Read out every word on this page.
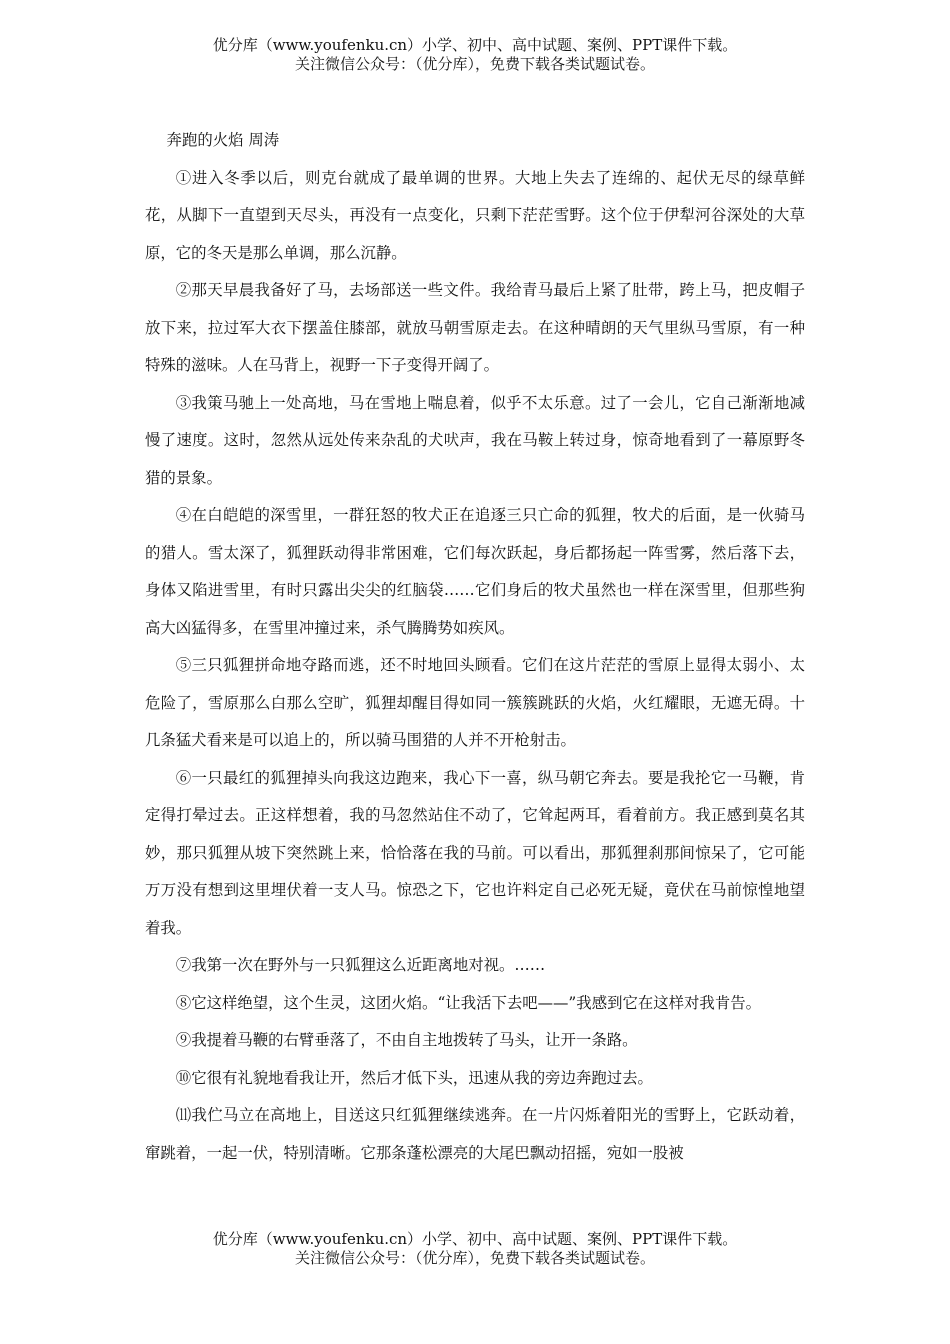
优分库（www.youfenku.cn）小学、初中、高中试题、案例、PPT课件下载。
关注微信公众号：（优分库），免费下载各类试题试卷。

奔跑的火焰 周涛

①进入冬季以后，则克台就成了最单调的世界。大地上失去了连绵的、起伏无尽的绿草鲜花，从脚下一直望到天尽头，再没有一点变化，只剩下茫茫雪野。这个位于伊犁河谷深处的大草原，它的冬天是那么单调，那么沉静。

②那天早晨我备好了马，去场部送一些文件。我给青马最后上紧了肚带，跨上马，把皮帽子放下来，拉过军大衣下摆盖住膝部，就放马朝雪原走去。在这种晴朗的天气里纵马雪原，有一种特殊的滋味。人在马背上，视野一下子变得开阔了。

③我策马驰上一处高地，马在雪地上喘息着，似乎不太乐意。过了一会儿，它自己渐渐地减慢了速度。这时，忽然从远处传来杂乱的犬吠声，我在马鞍上转过身，惊奇地看到了一幕原野冬猎的景象。

④在白皑皑的深雪里，一群狂怒的牧犬正在追逐三只亡命的狐狸，牧犬的后面，是一伙骑马的猎人。雪太深了，狐狸跃动得非常困难，它们每次跃起，身后都扬起一阵雪雾，然后落下去，身体又陷进雪里，有时只露出尖尖的红脑袋……它们身后的牧犬虽然也一样在深雪里，但那些狗高大凶猛得多，在雪里冲撞过来，杀气腾腾势如疾风。

⑤三只狐狸拼命地夺路而逃，还不时地回头顾看。它们在这片茫茫的雪原上显得太弱小、太危险了，雪原那么白那么空旷，狐狸却醒目得如同一簇簇跳跃的火焰，火红耀眼，无遮无碍。十几条猛犬看来是可以追上的，所以骑马围猎的人并不开枪射击。

⑥一只最红的狐狸掉头向我这边跑来，我心下一喜，纵马朝它奔去。要是我抡它一马鞭，肯定得打晕过去。正这样想着，我的马忽然站住不动了，它耸起两耳，看着前方。我正感到莫名其妙，那只狐狸从坡下突然跳上来，恰恰落在我的马前。可以看出，那狐狸刹那间惊呆了，它可能万万没有想到这里埋伏着一支人马。惊恐之下，它也许料定自己必死无疑，竟伏在马前惊惶地望着我。

⑦我第一次在野外与一只狐狸这么近距离地对视。……

⑧它这样绝望，这个生灵，这团火焰。“让我活下去吧——”我感到它在这样对我肯告。

⑨我提着马鞭的右臂垂落了，不由自主地拨转了马头，让开一条路。

⑩它很有礼貌地看我让开，然后才低下头，迅速从我的旁边奔跑过去。

⑾我伫马立在高地上，目送这只红狐狸继续逃奔。在一片闪烁着阳光的雪野上，它跃动着，窜跳着，一起一伏，特别清晰。它那条蓬松漂亮的大尾巴飘动招摇，宛如一股被

优分库（www.youfenku.cn）小学、初中、高中试题、案例、PPT课件下载。
关注微信公众号：（优分库），免费下载各类试题试卷。
